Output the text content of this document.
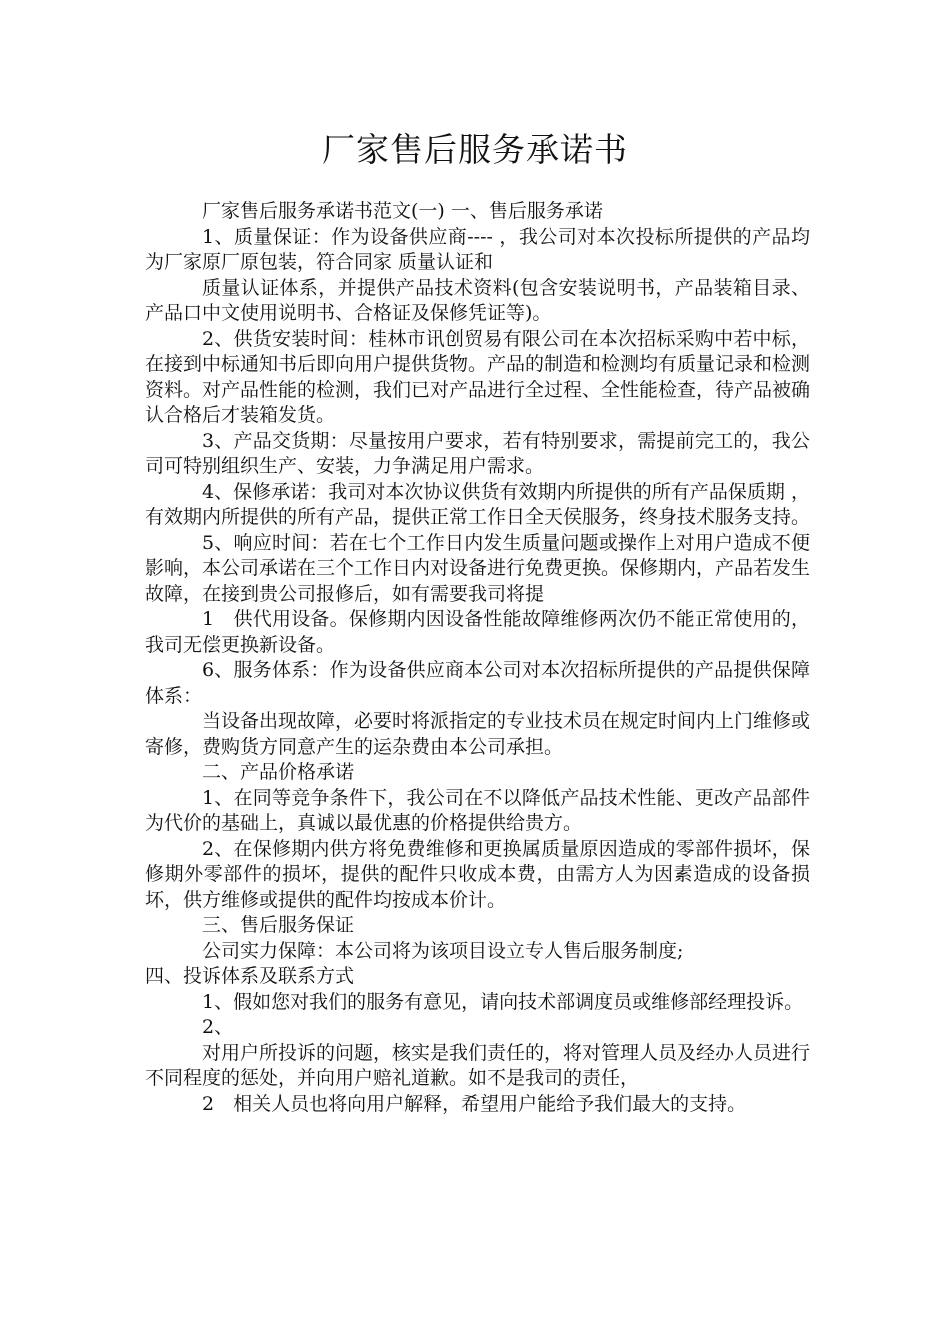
厂家售后服务承诺书

厂家售后服务承诺书范文(一) 一、售后服务承诺

1、质量保证：作为设备供应商---- ，我公司对本次投标所提供的产品均为厂家原厂原包装，符合同家 质量认证和

质量认证体系，并提供产品技术资料(包含安装说明书，产品装箱目录、产品口中文使用说明书、合格证及保修凭证等)。

2、供货安装时间：桂林市讯创贸易有限公司在本次招标采购中若中标，在接到中标通知书后即向用户提供货物。产品的制造和检测均有质量记录和检测资料。对产品性能的检测，我们已对产品进行全过程、全性能检查，待产品被确认合格后才装箱发货。

3、产品交货期：尽量按用户要求，若有特别要求，需提前完工的，我公司可特别组织生产、安装，力争满足用户需求。

4、保修承诺：我司对本次协议供货有效期内所提供的所有产品保质期 ，有效期内所提供的所有产品，提供正常工作日全天侯服务，终身技术服务支持。

5、响应时间：若在七个工作日内发生质量问题或操作上对用户造成不便影响，本公司承诺在三个工作日内对设备进行免费更换。保修期内，产品若发生故障，在接到贵公司报修后，如有需要我司将提

1　供代用设备。保修期内因设备性能故障维修两次仍不能正常使用的，我司无偿更换新设备。

6、服务体系：作为设备供应商本公司对本次招标所提供的产品提供保障体系：

当设备出现故障，必要时将派指定的专业技术员在规定时间内上门维修或寄修，费购货方同意产生的运杂费由本公司承担。

二、产品价格承诺

1、在同等竞争条件下，我公司在不以降低产品技术性能、更改产品部件为代价的基础上，真诚以最优惠的价格提供给贵方。

2、在保修期内供方将免费维修和更换属质量原因造成的零部件损坏，保修期外零部件的损坏，提供的配件只收成本费，由需方人为因素造成的设备损坏，供方维修或提供的配件均按成本价计。

三、售后服务保证

公司实力保障：本公司将为该项目设立专人售后服务制度;

四、投诉体系及联系方式

1、假如您对我们的服务有意见，请向技术部调度员或维修部经理投诉。

2、

对用户所投诉的问题，核实是我们责任的，将对管理人员及经办人员进行不同程度的惩处，并向用户赔礼道歉。如不是我司的责任，

2　相关人员也将向用户解释，希望用户能给予我们最大的支持。
